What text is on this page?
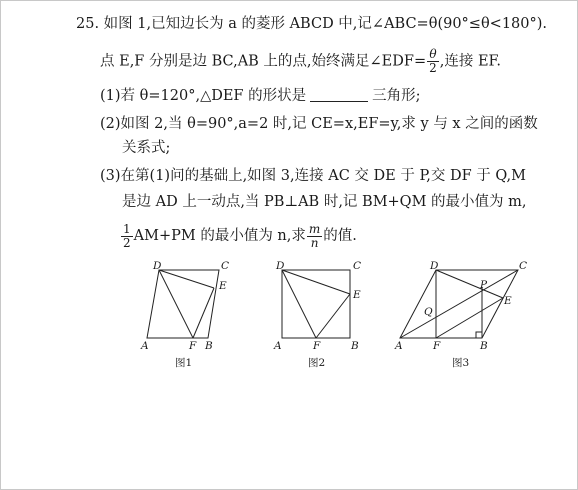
25. 如图 1,已知边长为 a 的菱形 ABCD 中,记∠ABC=θ(90°≤θ<180°).
点 E,F 分别是边 BC,AB 上的点,始终满足∠EDF= $\frac{\theta}{2}$ ,连接 EF.
(1)若 θ=120°,△DEF 的形状是	三角形;
(2)如图 2,当 θ=90°,a=2 时,记 CE=x,EF=y,求 y 与 x 之间的函数
关系式;
(3)在第(1)问的基础上,如图 3,连接 AC 交 DE 于 P,交 DF 于 Q,M
是边 AD 上一动点,当 PB⊥AB 时,记 BM+QM 的最小值为 m,
$\frac{1}{2} AM+PM$ 的最小值为 n,求 $\frac{m}{n}$ 的值.
D	C
E
A	F B
图1
D	C
E
A	F	B
图2
D	C
P
E
Q
A	F	B
图3
